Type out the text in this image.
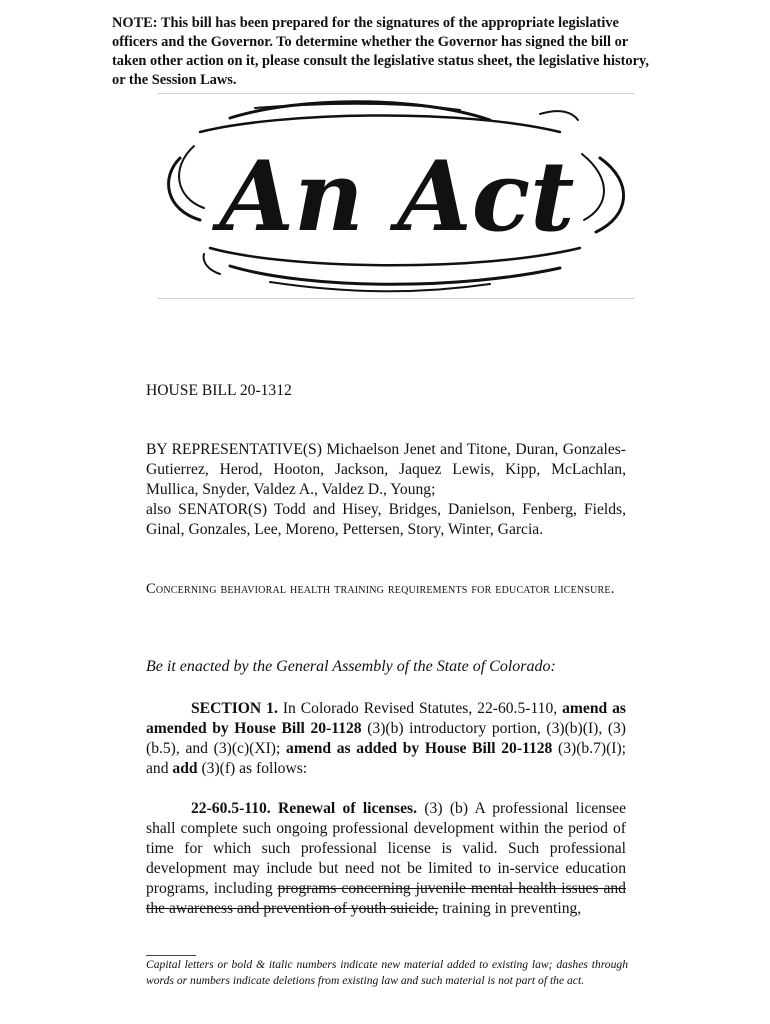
NOTE: This bill has been prepared for the signatures of the appropriate legislative officers and the Governor. To determine whether the Governor has signed the bill or taken other action on it, please consult the legislative status sheet, the legislative history, or the Session Laws.
An Act
HOUSE BILL 20-1312
BY REPRESENTATIVE(S) Michaelson Jenet and Titone, Duran, Gonzales-Gutierrez, Herod, Hooton, Jackson, Jaquez Lewis, Kipp, McLachlan, Mullica, Snyder, Valdez A., Valdez D., Young;
also SENATOR(S) Todd and Hisey, Bridges, Danielson, Fenberg, Fields, Ginal, Gonzales, Lee, Moreno, Pettersen, Story, Winter, Garcia.
Concerning behavioral health training requirements for educator licensure.
Be it enacted by the General Assembly of the State of Colorado:
SECTION 1. In Colorado Revised Statutes, 22-60.5-110, amend as amended by House Bill 20-1128 (3)(b) introductory portion, (3)(b)(I), (3)(b.5), and (3)(c)(XI); amend as added by House Bill 20-1128 (3)(b.7)(I); and add (3)(f) as follows:
22-60.5-110. Renewal of licenses. (3) (b) A professional licensee shall complete such ongoing professional development within the period of time for which such professional license is valid. Such professional development may include but need not be limited to in-service education programs, including programs concerning juvenile mental health issues and the awareness and prevention of youth suicide, training in preventing,
Capital letters or bold & italic numbers indicate new material added to existing law; dashes through words or numbers indicate deletions from existing law and such material is not part of the act.
